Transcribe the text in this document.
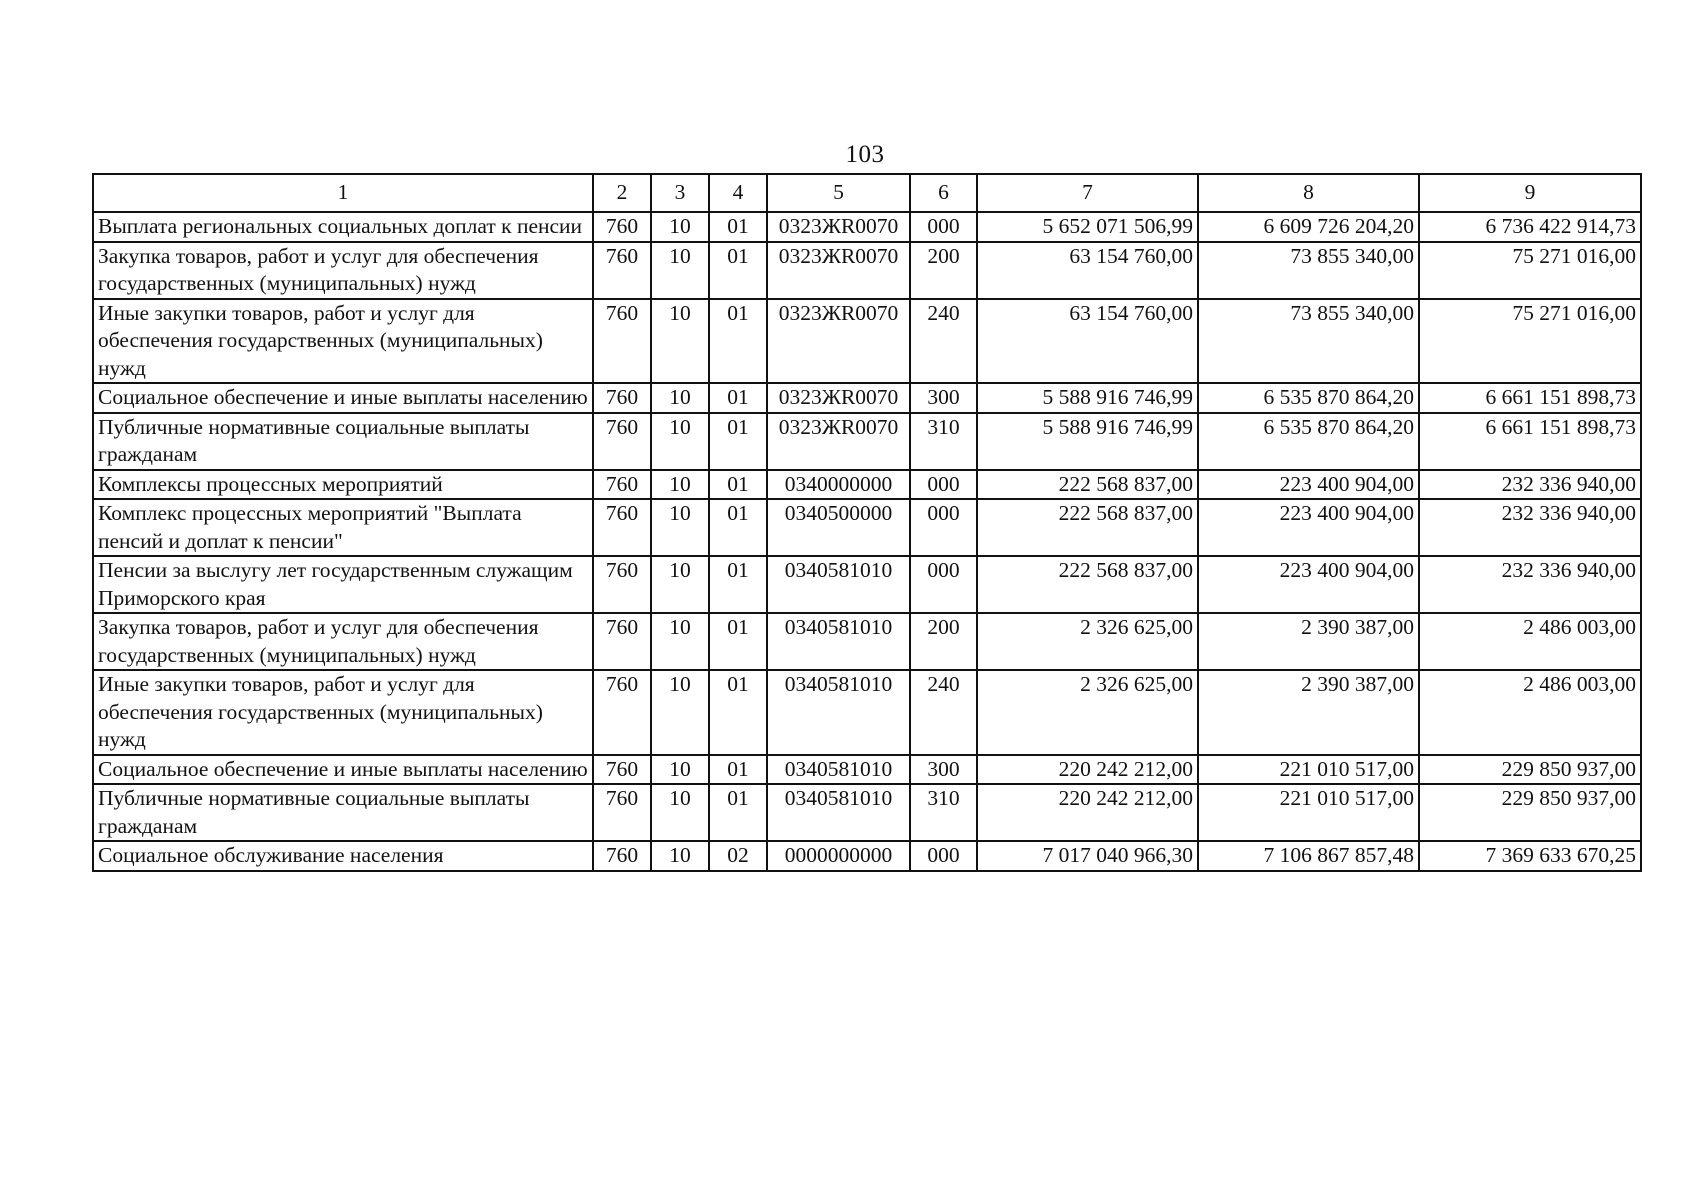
103
1	2	3	4	5	6	7	8	9
Выплата региональных социальных доплат к пенсии	760	10	01	0323ЖR0070	000	5 652 071 506,99	6 609 726 204,20	6 736 422 914,73
Закупка товаров, работ и услуг для обеспечения государственных (муниципальных) нужд	760	10	01	0323ЖR0070	200	63 154 760,00	73 855 340,00	75 271 016,00
Иные закупки товаров, работ и услуг для обеспечения государственных (муниципальных) нужд	760	10	01	0323ЖR0070	240	63 154 760,00	73 855 340,00	75 271 016,00
Социальное обеспечение и иные выплаты населению	760	10	01	0323ЖR0070	300	5 588 916 746,99	6 535 870 864,20	6 661 151 898,73
Публичные нормативные социальные выплаты гражданам	760	10	01	0323ЖR0070	310	5 588 916 746,99	6 535 870 864,20	6 661 151 898,73
Комплексы процессных мероприятий	760	10	01	0340000000	000	222 568 837,00	223 400 904,00	232 336 940,00
Комплекс процессных мероприятий "Выплата пенсий и доплат к пенсии"	760	10	01	0340500000	000	222 568 837,00	223 400 904,00	232 336 940,00
Пенсии за выслугу лет государственным служащим Приморского края	760	10	01	0340581010	000	222 568 837,00	223 400 904,00	232 336 940,00
Закупка товаров, работ и услуг для обеспечения государственных (муниципальных) нужд	760	10	01	0340581010	200	2 326 625,00	2 390 387,00	2 486 003,00
Иные закупки товаров, работ и услуг для обеспечения государственных (муниципальных) нужд	760	10	01	0340581010	240	2 326 625,00	2 390 387,00	2 486 003,00
Социальное обеспечение и иные выплаты населению	760	10	01	0340581010	300	220 242 212,00	221 010 517,00	229 850 937,00
Публичные нормативные социальные выплаты гражданам	760	10	01	0340581010	310	220 242 212,00	221 010 517,00	229 850 937,00
Социальное обслуживание населения	760	10	02	0000000000	000	7 017 040 966,30	7 106 867 857,48	7 369 633 670,25
